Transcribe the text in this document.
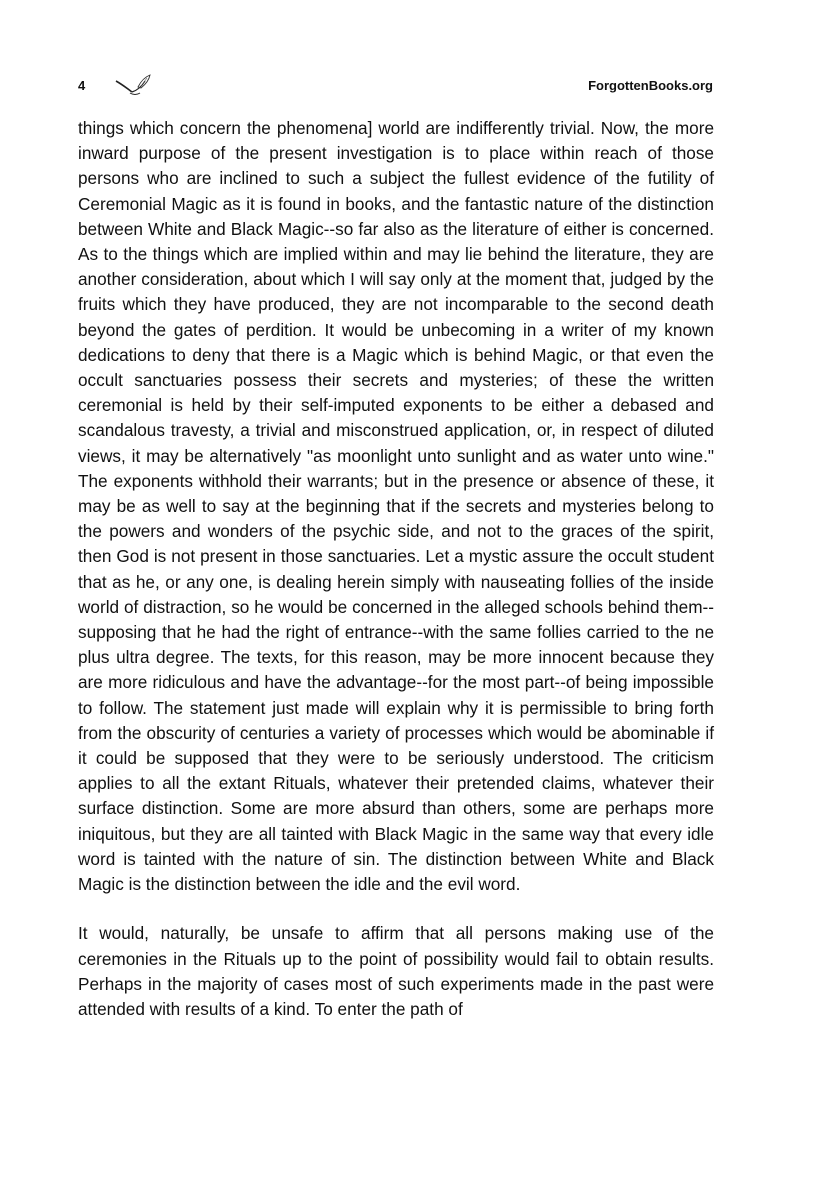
4	ForgottenBooks.org

things which concern the phenomena] world are indifferently trivial. Now, the more inward purpose of the present investigation is to place within reach of those persons who are inclined to such a subject the fullest evidence of the futility of Ceremonial Magic as it is found in books, and the fantastic nature of the distinction between White and Black Magic--so far also as the literature of either is concerned. As to the things which are implied within and may lie behind the literature, they are another consideration, about which I will say only at the moment that, judged by the fruits which they have produced, they are not incomparable to the second death beyond the gates of perdition. It would be unbecoming in a writer of my known dedications to deny that there is a Magic which is behind Magic, or that even the occult sanctuaries possess their secrets and mysteries; of these the written ceremonial is held by their self-imputed exponents to be either a debased and scandalous travesty, a trivial and misconstrued application, or, in respect of diluted views, it may be alternatively "as moonlight unto sunlight and as water unto wine." The exponents withhold their warrants; but in the presence or absence of these, it may be as well to say at the beginning that if the secrets and mysteries belong to the powers and wonders of the psychic side, and not to the graces of the spirit, then God is not present in those sanctuaries. Let a mystic assure the occult student that as he, or any one, is dealing herein simply with nauseating follies of the inside world of distraction, so he would be concerned in the alleged schools behind them--supposing that he had the right of entrance--with the same follies carried to the ne plus ultra degree. The texts, for this reason, may be more innocent because they are more ridiculous and have the advantage--for the most part--of being impossible to follow. The statement just made will explain why it is permissible to bring forth from the obscurity of centuries a variety of processes which would be abominable if it could be supposed that they were to be seriously understood. The criticism applies to all the extant Rituals, whatever their pretended claims, whatever their surface distinction. Some are more absurd than others, some are perhaps more iniquitous, but they are all tainted with Black Magic in the same way that every idle word is tainted with the nature of sin. The distinction between White and Black Magic is the distinction between the idle and the evil word.

It would, naturally, be unsafe to affirm that all persons making use of the ceremonies in the Rituals up to the point of possibility would fail to obtain results. Perhaps in the majority of cases most of such experiments made in the past were attended with results of a kind. To enter the path of
